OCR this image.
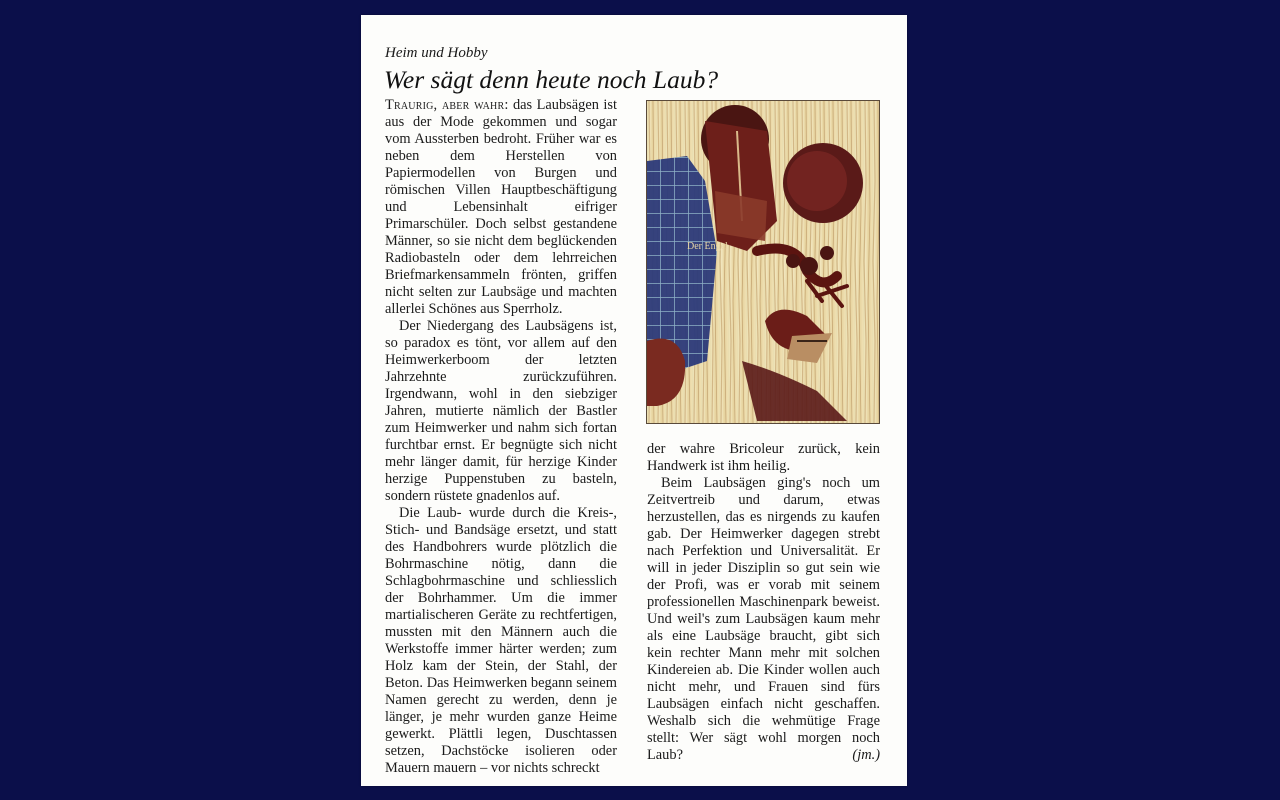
Heim und Hobby
Wer sägt denn heute noch Laub?

Traurig, aber wahr: das Laubsägen ist aus der Mode gekommen und sogar vom Aussterben bedroht. Früher war es neben dem Herstellen von Papiermodellen von Burgen und römischen Villen Hauptbeschäftigung und Lebensinhalt eifriger Primarschüler. Doch selbst gestandene Männer, so sie nicht dem beglückenden Radiobasteln oder dem lehrreichen Briefmarkensammeln frönten, griffen nicht selten zur Laubsäge und machten allerlei Schönes aus Sperrholz.

Der Niedergang des Laubsägens ist, so paradox es tönt, vor allem auf den Heimwerkerboom der letzten Jahrzehnte zurückzuführen. Irgendwann, wohl in den siebziger Jahren, mutierte nämlich der Bastler zum Heimwerker und nahm sich fortan furchtbar ernst. Er begnügte sich nicht mehr länger damit, für herzige Kinder herzige Puppenstuben zu basteln, sondern rüstete gnadenlos auf.

Die Laub- wurde durch die Kreis-, Stich- und Bandsäge ersetzt, und statt des Handbohrers wurde plötzlich die Bohrmaschine nötig, dann die Schlagbohrmaschine und schliesslich der Bohrhammer. Um die immer martialischeren Geräte zu rechtfertigen, mussten mit den Männern auch die Werkstoffe immer härter werden; zum Holz kam der Stein, der Stahl, der Beton. Das Heimwerken begann seinem Namen gerecht zu werden, denn je länger, je mehr wurden ganze Heime gewerkt. Plättli legen, Duschtassen setzen, Dachstöcke isolieren oder Mauern mauern – vor nichts schreckt

Der Engel

der wahre Bricoleur zurück, kein Handwerk ist ihm heilig.

Beim Laubsägen ging's noch um Zeitvertreib und darum, etwas herzustellen, das es nirgends zu kaufen gab. Der Heimwerker dagegen strebt nach Perfektion und Universalität. Er will in jeder Disziplin so gut sein wie der Profi, was er vorab mit seinem professionellen Maschinenpark beweist. Und weil's zum Laubsägen kaum mehr als eine Laubsäge braucht, gibt sich kein rechter Mann mehr mit solchen Kindereien ab. Die Kinder wollen auch nicht mehr, und Frauen sind fürs Laubsägen einfach nicht geschaffen. Weshalb sich die wehmütige Frage stellt: Wer sägt wohl morgen noch Laub?	(jm.)
